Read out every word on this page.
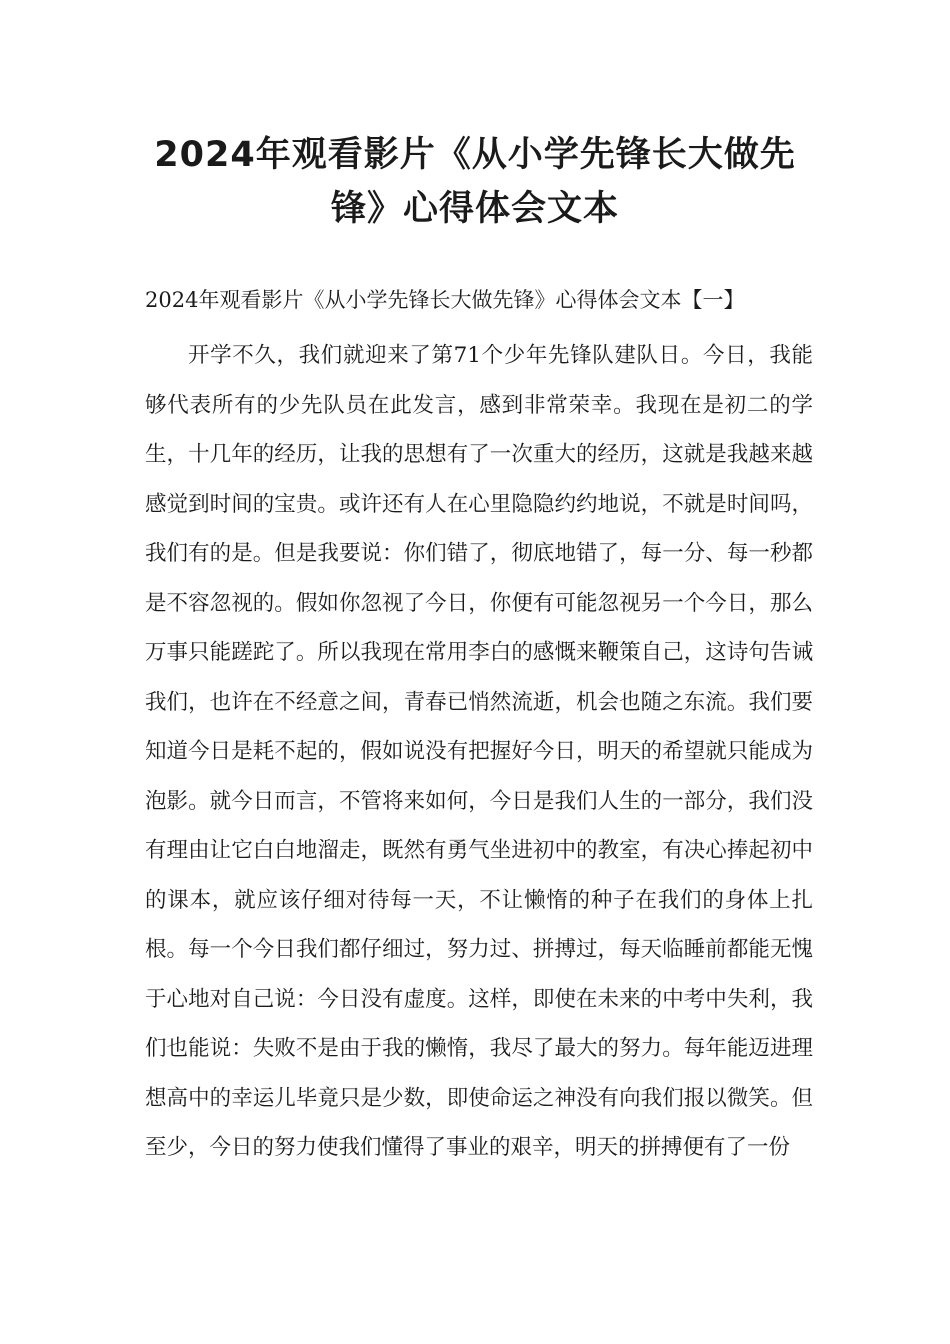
2024年观看影片《从小学先锋长大做先锋》心得体会文本
2024年观看影片《从小学先锋长大做先锋》心得体会文本【一】

开学不久，我们就迎来了第71个少年先锋队建队日。今日，我能够代表所有的少先队员在此发言，感到非常荣幸。我现在是初二的学生，十几年的经历，让我的思想有了一次重大的经历，这就是我越来越感觉到时间的宝贵。或许还有人在心里隐隐约约地说，不就是时间吗，我们有的是。但是我要说：你们错了，彻底地错了，每一分、每一秒都是不容忽视的。假如你忽视了今日，你便有可能忽视另一个今日，那么万事只能蹉跎了。所以我现在常用李白的感慨来鞭策自己，这诗句告诫我们，也许在不经意之间，青春已悄然流逝，机会也随之东流。我们要知道今日是耗不起的，假如说没有把握好今日，明天的希望就只能成为泡影。就今日而言，不管将来如何，今日是我们人生的一部分，我们没有理由让它白白地溜走，既然有勇气坐进初中的教室，有决心捧起初中的课本，就应该仔细对待每一天，不让懒惰的种子在我们的身体上扎根。每一个今日我们都仔细过，努力过、拼搏过，每天临睡前都能无愧于心地对自己说：今日没有虚度。这样，即使在未来的中考中失利，我们也能说：失败不是由于我的懒惰，我尽了最大的努力。每年能迈进理想高中的幸运儿毕竟只是少数，即使命运之神没有向我们报以微笑。但至少，今日的努力使我们懂得了事业的艰辛，明天的拼搏便有了一份
